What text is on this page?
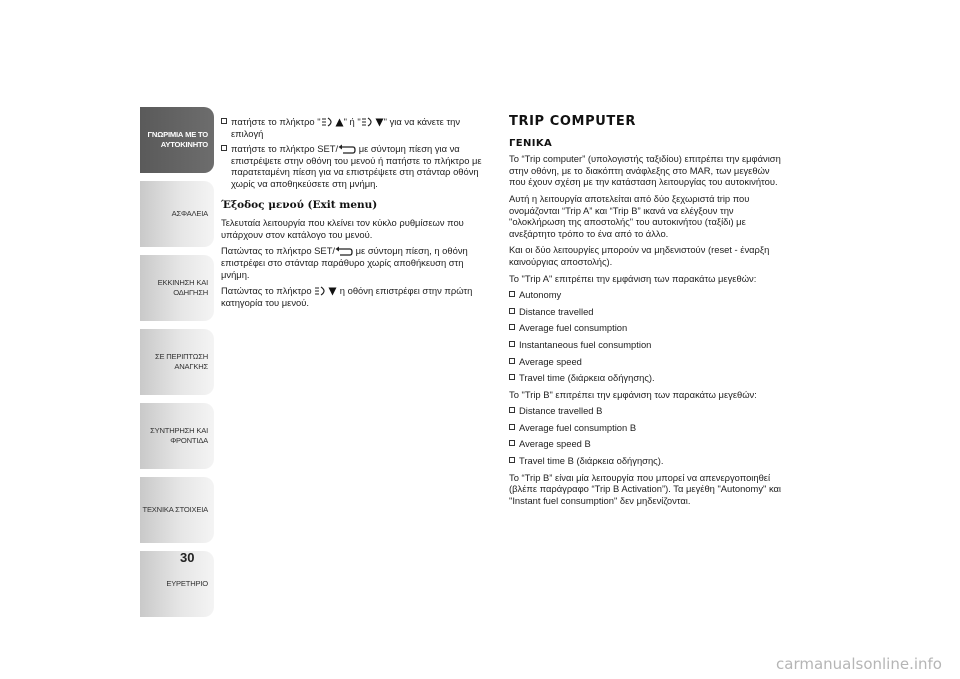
ΓΝΩΡΙΜΙΑ ΜΕ ΤΟ
ΑΥΤΟΚΙΝΗΤΟ
ΑΣΦΑΛΕΙΑ
ΕΚΚΙΝΗΣΗ ΚΑΙ
ΟΔΗΓΗΣΗ
ΣΕ ΠΕΡΙΠΤΩΣΗ
ΑΝΑΓΚΗΣ
ΣΥΝΤΗΡΗΣΗ ΚΑΙ
ΦΡΟΝΤΙΔΑ
ΤΕΧΝΙΚΑ ΣΤΟΙΧΕΙΑ
ΕΥΡΕΤΗΡΙΟ
30
πατήστε το πλήκτρο " " ή " " για να κάνετε την επιλογή
πατήστε το πλήκτρο SET/
με σύντομη πίεση για να επιστρέψετε στην οθόνη του μενού ή πατήστε το πλήκτρο με παρατεταμένη πίεση για να επιστρέψετε στη στάνταρ οθόνη χωρίς να αποθηκεύσετε στη μνήμη.
Έξοδος μενού (Exit menu)

Τελευταία λειτουργία που κλείνει τον κύκλο ρυθμίσεων που υπάρχουν στον κατάλογο του μενού.

Πατώντας το πλήκτρο SET/
με σύντομη πίεση, η οθόνη επιστρέφει στο στάνταρ παράθυρο χωρίς αποθήκευση στη μνήμη.

Πατώντας το πλήκτρο
η οθόνη επιστρέφει στην πρώτη κατηγορία του μενού.

TRIP COMPUTER
ΓΕΝΙΚΑ

Το “Trip computer” (υπολογιστής ταξιδίου) επιτρέπει την εμφάνιση στην οθόνη, με το διακόπτη ανάφλεξης στο MAR, των μεγεθών που έχουν σχέση με την κατάσταση λειτουργίας του αυτοκινήτου.

Αυτή η λειτουργία αποτελείται από δύο ξεχωριστά trip που ονομάζονται “Trip A” και “Trip B” ικανά να ελέγξουν την "ολοκλήρωση της αποστολής" του αυτοκινήτου (ταξίδι) με ανεξάρτητο τρόπο το ένα από το άλλο.

Και οι δύο λειτουργίες μπορούν να μηδενιστούν (reset - έναρξη καινούργιας αποστολής).

Το "Trip A" επιτρέπει την εμφάνιση των παρακάτω μεγεθών:

Autonomy
Distance travelled
Average fuel consumption
Instantaneous fuel consumption
Average speed
Travel time (διάρκεια οδήγησης).

Το "Trip B" επιτρέπει την εμφάνιση των παρακάτω μεγεθών:

Distance travelled B
Average fuel consumption B
Average speed B
Travel time B (διάρκεια οδήγησης).

Το “Trip B” είναι μία λειτουργία που μπορεί να απενεργοποιηθεί (βλέπε παράγραφο “Trip B Activation”). Τα μεγέθη "Autonomy" και "Instant fuel consumption" δεν μηδενίζονται.

carmanualsonline.info
